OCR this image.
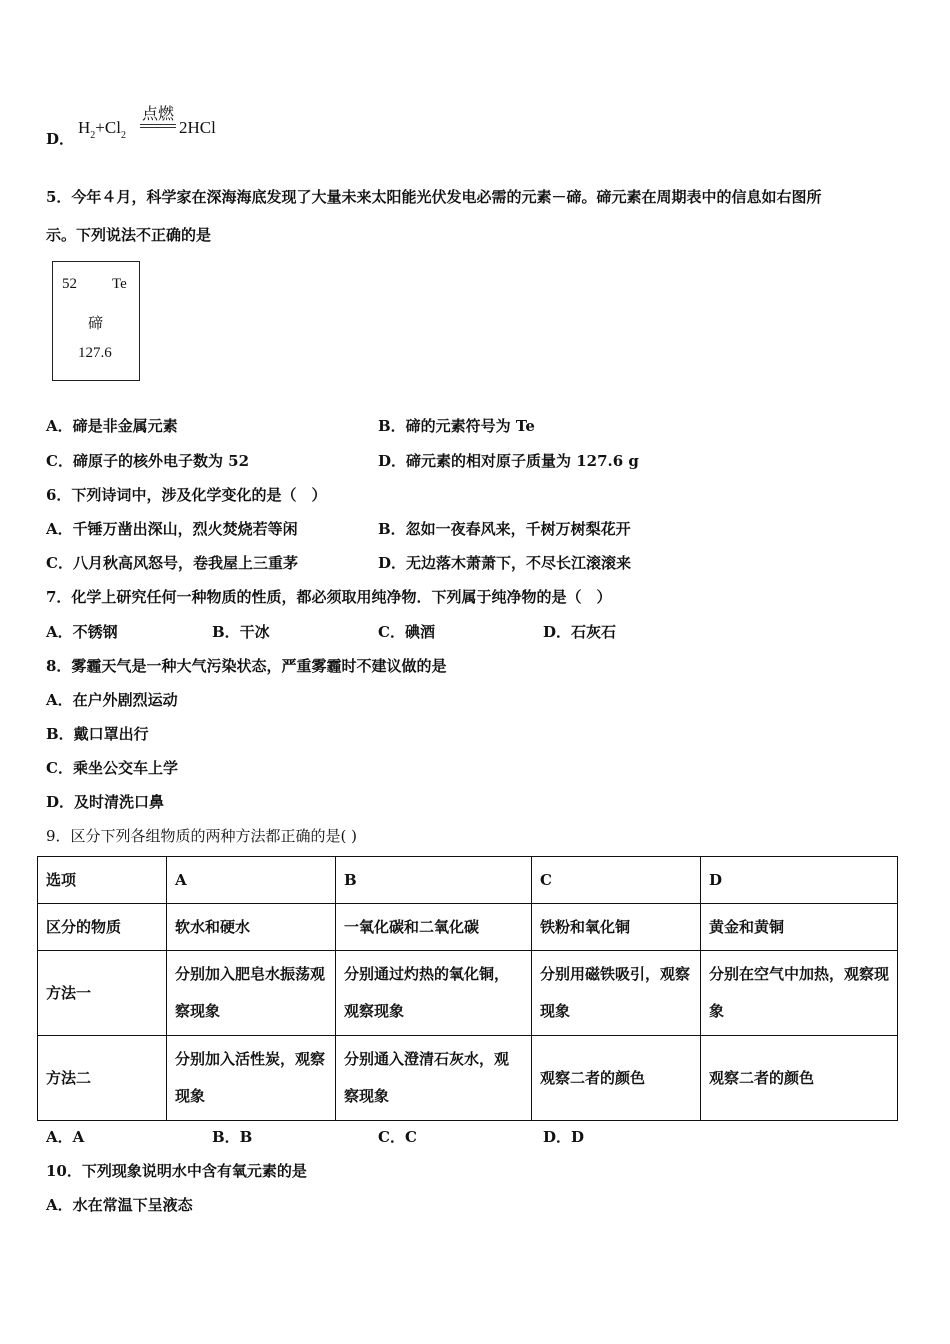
D．
$H_2+Cl_2$
点燃
2HCl
5．今年４月，科学家在深海海底发现了大量未来太阳能光伏发电必需的元素－碲。碲元素在周期表中的信息如右图所
示。下列说法不正确的是
52 Te
碲
127.6
A．碲是非金属元素	B．碲的元素符号为 Te
C．碲原子的核外电子数为 52	D．碲元素的相对原子质量为 127.6 g
6．下列诗词中，涉及化学变化的是（　）
A．千锤万凿出深山，烈火焚烧若等闲	B．忽如一夜春风来，千树万树梨花开
C．八月秋高风怒号，卷我屋上三重茅	D．无边落木萧萧下，不尽长江滚滚来
7．化学上研究任何一种物质的性质，都必须取用纯净物．下列属于纯净物的是（　）
A．不锈钢	B．干冰	C．碘酒	D．石灰石
8．雾霾天气是一种大气污染状态，严重雾霾时不建议做的是
A．在户外剧烈运动
B．戴口罩出行
C．乘坐公交车上学
D．及时清洗口鼻
9．区分下列各组物质的两种方法都正确的是( )
选项	A	B	C	D
区分的物质	软水和硬水	一氧化碳和二氧化碳	铁粉和氧化铜	黄金和黄铜
方法一	分别加入肥皂水振荡观察现象	分别通过灼热的氧化铜，观察现象	分别用磁铁吸引，观察现象	分别在空气中加热，观察现象
方法二	分别加入活性炭，观察现象	分别通入澄清石灰水，观察现象	观察二者的颜色	观察二者的颜色
A．A	B．B	C．C	D．D
10．下列现象说明水中含有氧元素的是
A．水在常温下呈液态
